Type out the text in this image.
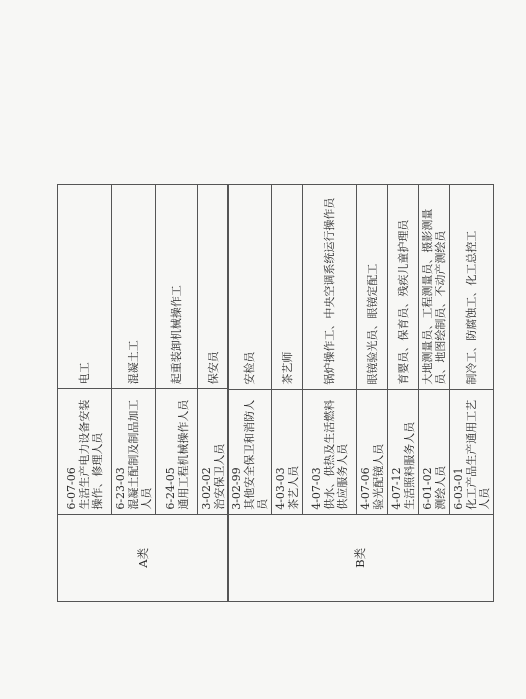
A类	6-07-06 生活生产电力设备安装操作、修理人员	电工

	6-23-03 混凝土配制及制品加工人员	混凝土工

	6-24-05 通用工程机械操作人员	起重装卸机械操作工

	3-02-02 治安保卫人员	保安员
B类	3-02-99 其他安全保卫和消防人员	安检员

	4-03-03 茶艺人员	茶艺师

	4-07-03 供水、供热及生活燃料供应服务人员	锅炉操作工、中央空调系统运行操作员

	4-07-06 验光配镜人员	眼镜验光员、眼镜定配工

	4-07-12 生活照料服务人员	育婴员、保育员、残疾儿童护理员

	6-01-02 测绘人员	大地测量员、工程测量员、摄影测量员、地图绘制员、不动产测绘员

	6-03-01 化工产品生产通用工艺人员	制冷工、防腐蚀工、化工总控工
